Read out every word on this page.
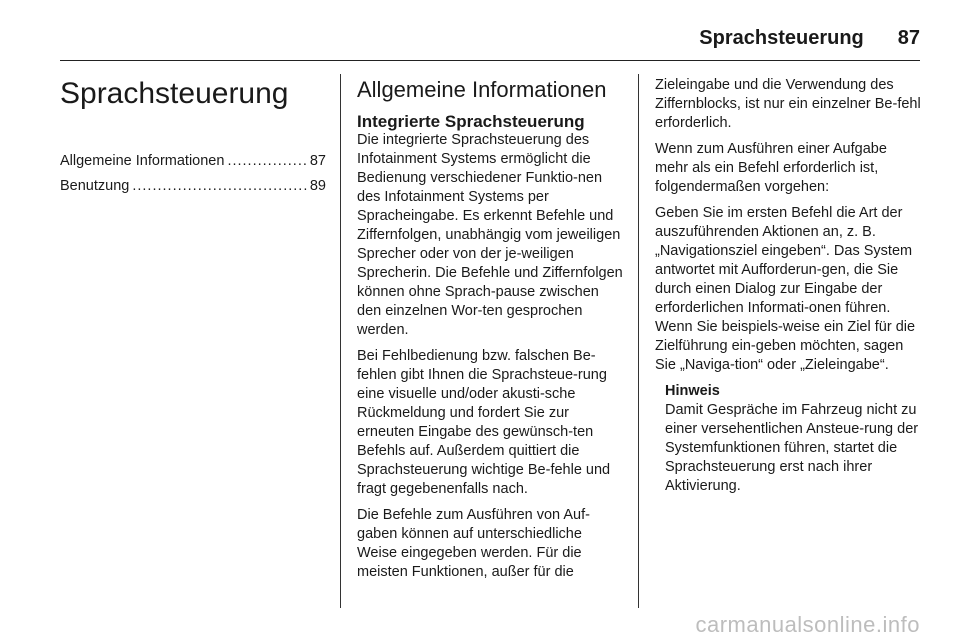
Sprachsteuerung 87
Sprachsteuerung
Allgemeine Informationen .....	87
Benutzung .....	89
Allgemeine Informationen
Integrierte Sprachsteuerung

Die integrierte Sprachsteuerung des Infotainment Systems ermöglicht die Bedienung verschiedener Funktio-nen des Infotainment Systems per Spracheingabe. Es erkennt Befehle und Ziffernfolgen, unabhängig vom jeweiligen Sprecher oder von der je-weiligen Sprecherin. Die Befehle und Ziffernfolgen können ohne Sprach-pause zwischen den einzelnen Wor-ten gesprochen werden.

Bei Fehlbedienung bzw. falschen Be-fehlen gibt Ihnen die Sprachsteue-rung eine visuelle und/oder akusti-sche Rückmeldung und fordert Sie zur erneuten Eingabe des gewünsch-ten Befehls auf. Außerdem quittiert die Sprachsteuerung wichtige Be-fehle und fragt gegebenenfalls nach.

Die Befehle zum Ausführen von Auf-gaben können auf unterschiedliche Weise eingegeben werden. Für die meisten Funktionen, außer für die

Zieleingabe und die Verwendung des Ziffernblocks, ist nur ein einzelner Be-fehl erforderlich.

Wenn zum Ausführen einer Aufgabe mehr als ein Befehl erforderlich ist, folgendermaßen vorgehen:

Geben Sie im ersten Befehl die Art der auszuführenden Aktionen an, z. B. „Navigationsziel eingeben“. Das System antwortet mit Aufforderun-gen, die Sie durch einen Dialog zur Eingabe der erforderlichen Informati-onen führen. Wenn Sie beispiels-weise ein Ziel für die Zielführung ein-geben möchten, sagen Sie „Naviga-tion“ oder „Zieleingabe“.

Hinweis
Damit Gespräche im Fahrzeug nicht zu einer versehentlichen Ansteue-rung der Systemfunktionen führen, startet die Sprachsteuerung erst nach ihrer Aktivierung.
carmanualsonline.info
